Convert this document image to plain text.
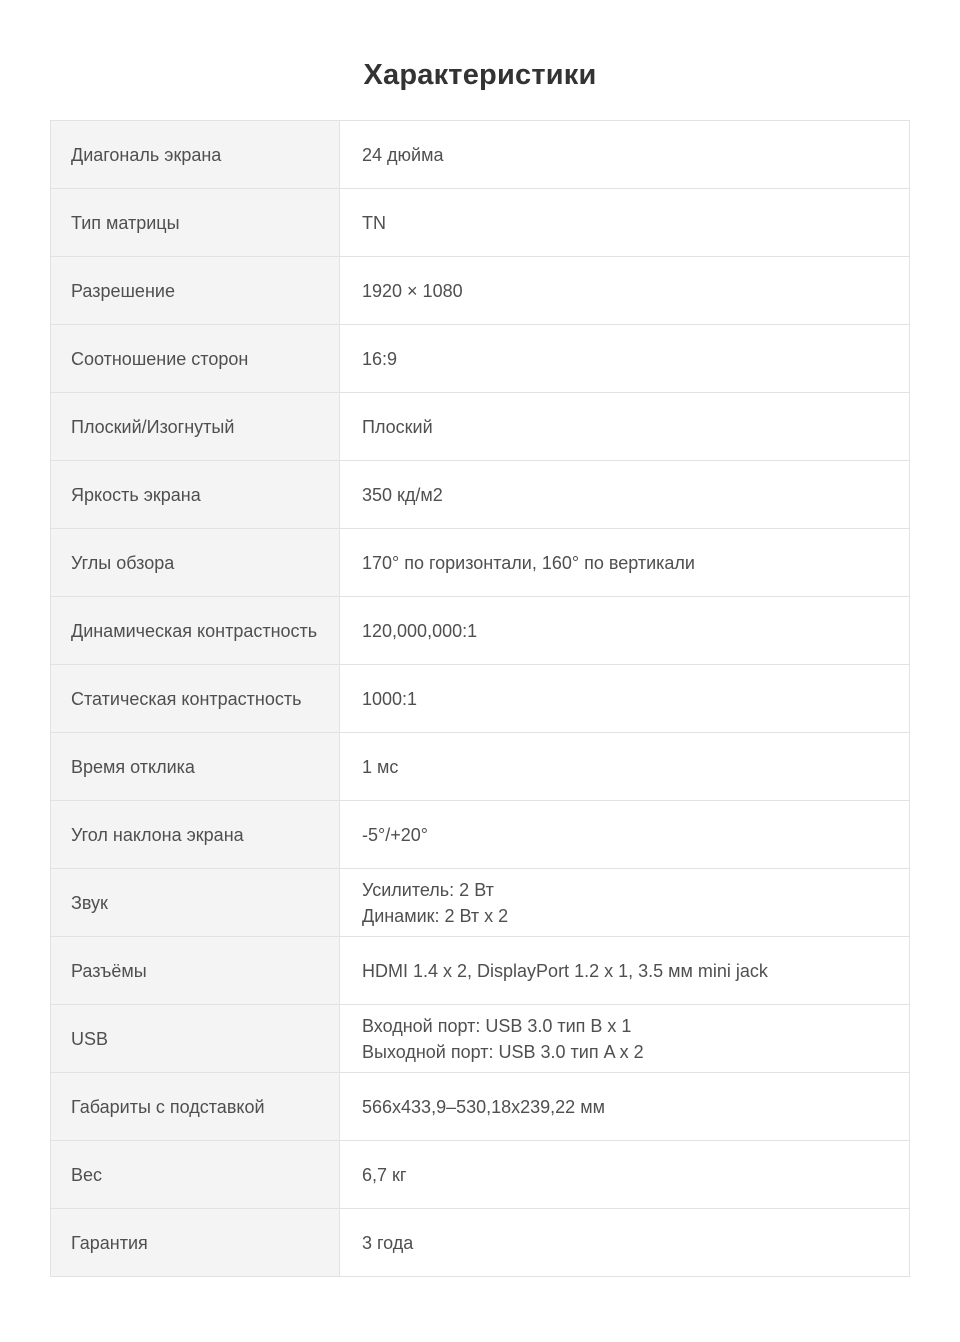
Характеристики
Диагональ экрана	24 дюйма

Тип матрицы	TN

Разрешение	1920 × 1080

Соотношение сторон	16:9

Плоский/Изогнутый	Плоский

Яркость экрана	350 кд/м2

Углы обзора	170° по горизонтали, 160° по вертикали

Динамическая контрастность	120,000,000:1

Статическая контрастность	1000:1

Время отклика	1 мс

Угол наклона экрана	-5°/+20°

Звук	Усилитель: 2 Вт
Динамик: 2 Вт x 2

Разъёмы	HDMI 1.4 x 2, DisplayPort 1.2 x 1, 3.5 мм mini jack

USB	Входной порт: USB 3.0 тип B x 1
Выходной порт: USB 3.0 тип A x 2

Габариты с подставкой	566x433,9–530,18x239,22 мм

Вес	6,7 кг

Гарантия	3 года
